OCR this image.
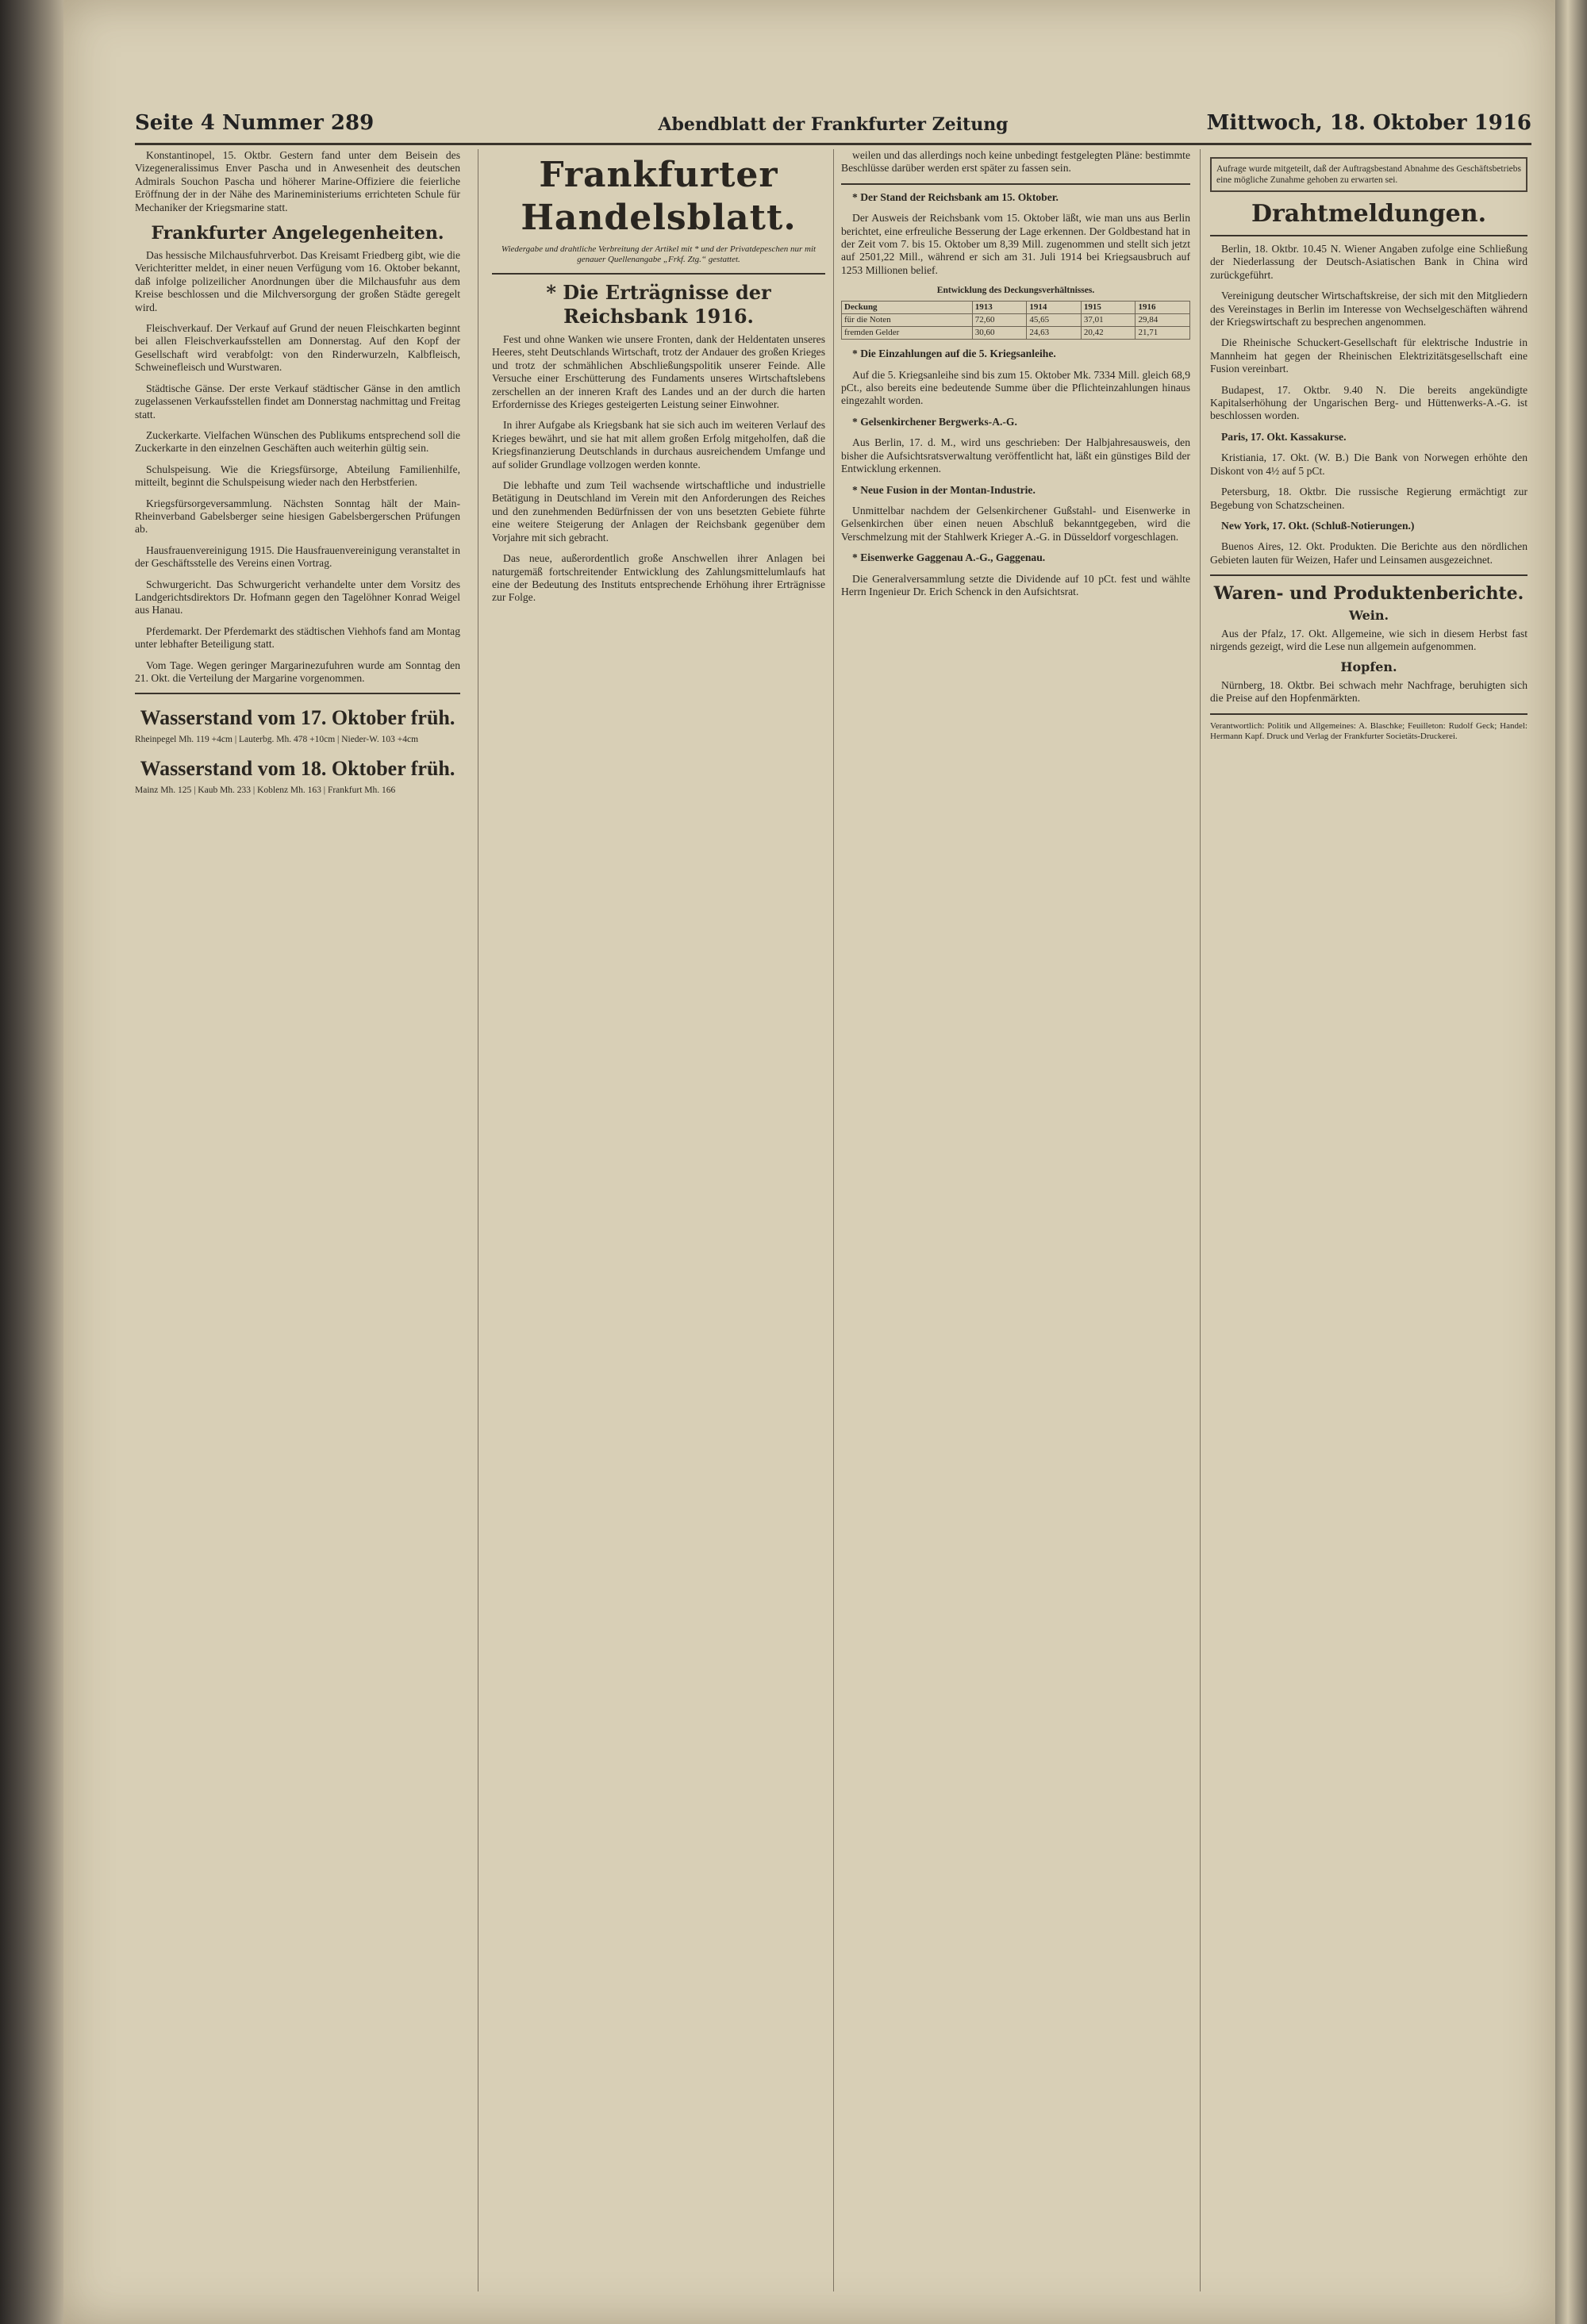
Seite 4 Nummer 289	Abendblatt der Frankfurter Zeitung	Mittwoch, 18. Oktober 1916

Konstantinopel, 15. Oktbr. Gestern fand unter dem Beisein des Vizegeneralissimus Enver Pascha und in Anwesenheit des deutschen Admirals Souchon Pascha und höherer Marine-Offiziere die feierliche Eröffnung der in der Nähe des Marineministeriums errichteten Schule für Mechaniker der Kriegsmarine statt.

Frankfurter Angelegenheiten.

Das hessische Milchausfuhrverbot. Das Kreisamt Friedberg gibt, wie die Verichteritter meldet, in einer neuen Verfügung vom 16. Oktober bekannt, daß infolge polizeilicher Anordnungen über die Milchausfuhr aus dem Kreise beschlossen und die Milchversorgung der großen Städte geregelt wird.

Fleischverkauf. Der Verkauf auf Grund der neuen Fleischkarten beginnt bei allen Fleischverkaufsstellen am Donnerstag. Auf den Kopf der Gesellschaft wird verabfolgt: von den Rinderwurzeln, Kalbfleisch, Schweinefleisch und Wurstwaren.

Städtische Gänse. Der erste Verkauf städtischer Gänse in den amtlich zugelassenen Verkaufsstellen findet am Donnerstag nachmittag und Freitag statt.

Zuckerkarte. Vielfachen Wünschen des Publikums entsprechend soll die Zuckerkarte in den einzelnen Geschäften auch weiterhin gültig sein.

Schulspeisung. Wie die Kriegsfürsorge, Abteilung Familienhilfe, mitteilt, beginnt die Schulspeisung wieder nach den Herbstferien.

Kriegsfürsorgeversammlung. Nächsten Sonntag hält der Main-Rheinverband Gabelsberger seine hiesigen Gabelsbergerschen Prüfungen ab.

Hausfrauenvereinigung 1915. Die Hausfrauenvereinigung veranstaltet in der Geschäftsstelle des Vereins einen Vortrag.

Schwurgericht. Das Schwurgericht verhandelte unter dem Vorsitz des Landgerichtsdirektors Dr. Hofmann gegen den Tagelöhner Konrad Weigel aus Hanau.

Pferdemarkt. Der Pferdemarkt des städtischen Viehhofs fand am Montag unter lebhafter Beteiligung statt.

Vom Tage. Wegen geringer Margarinezufuhren wurde am Sonntag den 21. Okt. die Verteilung der Margarine vorgenommen.

Wasserstand vom 17. Oktober früh.
Rheinpegel Mh. 119 +4cm | Lauterbg. Mh. 478 +10cm | Nieder-W. 103 +4cm
Wasserstand vom 18. Oktober früh.
Mainz Mh. 125 | Kaub Mh. 233 | Koblenz Mh. 163 | Frankfurt Mh. 166
Frankfurter Handelsblatt.
Wiedergabe und drahtliche Verbreitung der Artikel mit * und der Privatdepeschen nur mit genauer Quellenangabe „Frkf. Ztg.“ gestattet.
* Die Erträgnisse der Reichsbank 1916.

Fest und ohne Wanken wie unsere Fronten, dank der Heldentaten unseres Heeres, steht Deutschlands Wirtschaft, trotz der Andauer des großen Krieges und trotz der schmählichen Abschließungspolitik unserer Feinde. Alle Versuche einer Erschütterung des Fundaments unseres Wirtschaftslebens zerschellen an der inneren Kraft des Landes und an der durch die harten Erfordernisse des Krieges gesteigerten Leistung seiner Einwohner.

In ihrer Aufgabe als Kriegsbank hat sie sich auch im weiteren Verlauf des Krieges bewährt, und sie hat mit allem großen Erfolg mitgeholfen, daß die Kriegsfinanzierung Deutschlands in durchaus ausreichendem Umfange und auf solider Grundlage vollzogen werden konnte.

Die lebhafte und zum Teil wachsende wirtschaftliche und industrielle Betätigung in Deutschland im Verein mit den Anforderungen des Reiches und den zunehmenden Bedürfnissen der von uns besetzten Gebiete führte eine weitere Steigerung der Anlagen der Reichsbank gegenüber dem Vorjahre mit sich gebracht.

Das neue, außerordentlich große Anschwellen ihrer Anlagen bei naturgemäß fortschreitender Entwicklung des Zahlungsmittelumlaufs hat eine der Bedeutung des Instituts entsprechende Erhöhung ihrer Erträgnisse zur Folge.

weilen und das allerdings noch keine unbedingt festgelegten Pläne: bestimmte Beschlüsse darüber werden erst später zu fassen sein.

* Der Stand der Reichsbank am 15. Oktober.

Der Ausweis der Reichsbank vom 15. Oktober läßt, wie man uns aus Berlin berichtet, eine erfreuliche Besserung der Lage erkennen. Der Goldbestand hat in der Zeit vom 7. bis 15. Oktober um 8,39 Mill. zugenommen und stellt sich jetzt auf 2501,22 Mill., während er sich am 31. Juli 1914 bei Kriegsausbruch auf 1253 Millionen belief.

Entwicklung des Deckungsverhältnisses.
Deckung	1913	1914	1915	1916
für die Noten	72,60	45,65	37,01	29,84
fremden Gelder	30,60	24,63	20,42	21,71

* Die Einzahlungen auf die 5. Kriegsanleihe.

Auf die 5. Kriegsanleihe sind bis zum 15. Oktober Mk. 7334 Mill. gleich 68,9 pCt., also bereits eine bedeutende Summe über die Pflichteinzahlungen hinaus eingezahlt worden.

* Gelsenkirchener Bergwerks-A.-G.

Aus Berlin, 17. d. M., wird uns geschrieben: Der Halbjahresausweis, den bisher die Aufsichtsratsverwaltung veröffentlicht hat, läßt ein günstiges Bild der Entwicklung erkennen.

* Neue Fusion in der Montan-Industrie.

Unmittelbar nachdem der Gelsenkirchener Gußstahl- und Eisenwerke in Gelsenkirchen über einen neuen Abschluß bekanntgegeben, wird die Verschmelzung mit der Stahlwerk Krieger A.-G. in Düsseldorf vorgeschlagen.

* Eisenwerke Gaggenau A.-G., Gaggenau.

Die Generalversammlung setzte die Dividende auf 10 pCt. fest und wählte Herrn Ingenieur Dr. Erich Schenck in den Aufsichtsrat.

Aufrage wurde mitgeteilt, daß der Auftragsbestand Abnahme des Geschäftsbetriebs eine mögliche Zunahme gehoben zu erwarten sei.
Drahtmeldungen.

Berlin, 18. Oktbr. 10.45 N. Wiener Angaben zufolge eine Schließung der Niederlassung der Deutsch-Asiatischen Bank in China wird zurückgeführt.

Vereinigung deutscher Wirtschaftskreise, der sich mit den Mitgliedern des Vereinstages in Berlin im Interesse von Wechselgeschäften während der Kriegswirtschaft zu besprechen angenommen.

Die Rheinische Schuckert-Gesellschaft für elektrische Industrie in Mannheim hat gegen der Rheinischen Elektrizitätsgesellschaft eine Fusion vereinbart.

Budapest, 17. Oktbr. 9.40 N. Die bereits angekündigte Kapitalserhöhung der Ungarischen Berg- und Hüttenwerks-A.-G. ist beschlossen worden.

Paris, 17. Okt. Kassakurse.

Kristiania, 17. Okt. (W. B.) Die Bank von Norwegen erhöhte den Diskont von 4½ auf 5 pCt.

Petersburg, 18. Oktbr. Die russische Regierung ermächtigt zur Begebung von Schatzscheinen.

New York, 17. Okt. (Schluß-Notierungen.)

Buenos Aires, 12. Okt. Produkten. Die Berichte aus den nördlichen Gebieten lauten für Weizen, Hafer und Leinsamen ausgezeichnet.

Waren- und Produktenberichte.
Wein.

Aus der Pfalz, 17. Okt. Allgemeine, wie sich in diesem Herbst fast nirgends gezeigt, wird die Lese nun allgemein aufgenommen.

Hopfen.

Nürnberg, 18. Oktbr. Bei schwach mehr Nachfrage, beruhigten sich die Preise auf den Hopfenmärkten.

Verantwortlich: Politik und Allgemeines: A. Blaschke; Feuilleton: Rudolf Geck; Handel: Hermann Kapf. Druck und Verlag der Frankfurter Societäts-Druckerei.
